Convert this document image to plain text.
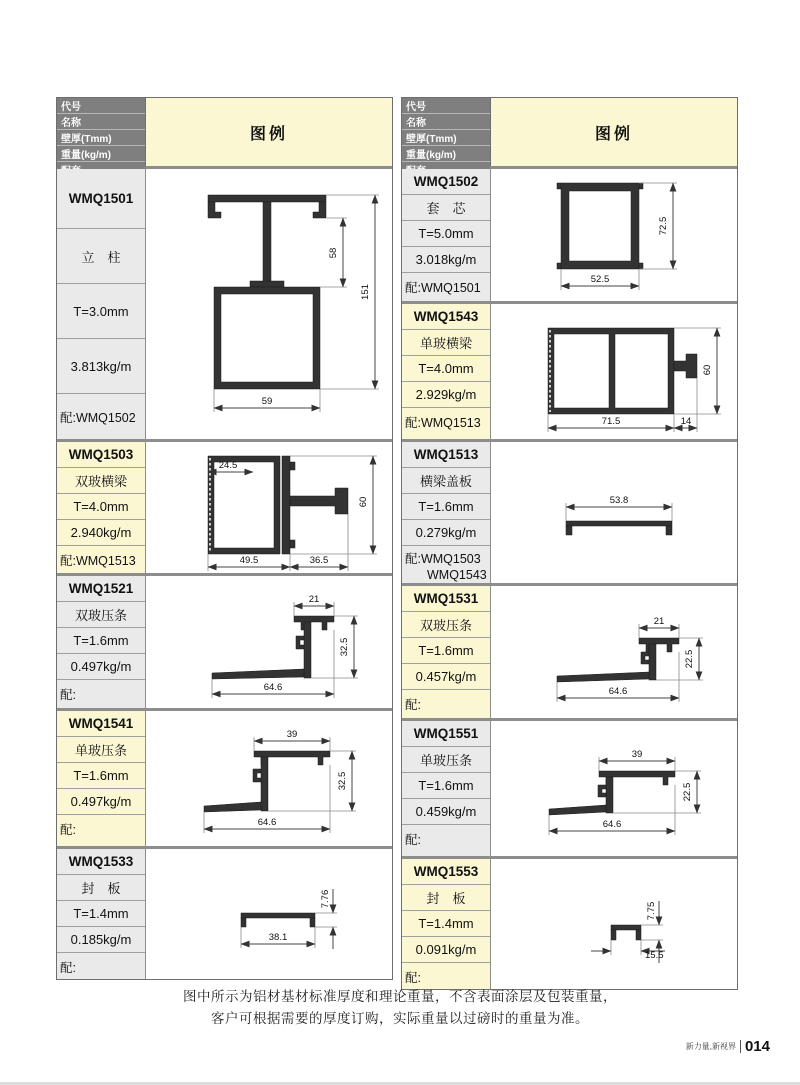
代号
名称
壁厚(Tmm)
重量(kg/m)
图例
WMQ1501
立　柱
T=3.0mm
3.813kg/m
配:WMQ1502
58
151
59
WMQ1503
双玻横梁
T=4.0mm
2.940kg/m
配:WMQ1513
24.5
60
49.5	36.5
WMQ1521
双玻压条
T=1.6mm
0.497kg/m
配:
21
32.5
64.6
WMQ1541
单玻压条
T=1.6mm
0.497kg/m
配:
39
32.5
64.6
WMQ1533
封　板
T=1.4mm
0.185kg/m
配:
7.76
38.1
代号
名称
壁厚(Tmm)
重量(kg/m)
图例
WMQ1502
套　芯
T=5.0mm
3.018kg/m
配:WMQ1501
72.5
52.5
WMQ1543
单玻横梁
T=4.0mm
2.929kg/m
配:WMQ1513
60
71.5	14
WMQ1513
横梁盖板
T=1.6mm
0.279kg/m
配:WMQ1503
WMQ1543
53.8
WMQ1531
双玻压条
T=1.6mm
0.457kg/m
配:
21
22.5
64.6
WMQ1551
单玻压条
T=1.6mm
0.459kg/m
配:
39
22.5
64.6
WMQ1553
封　板
T=1.4mm
0.091kg/m
配:
7.75
15.5
图中所示为铝材基材标准厚度和理论重量，不含表面涂层及包装重量，
客户可根据需要的厚度订购，实际重量以过磅时的重量为准。
新力量,新视界 014
